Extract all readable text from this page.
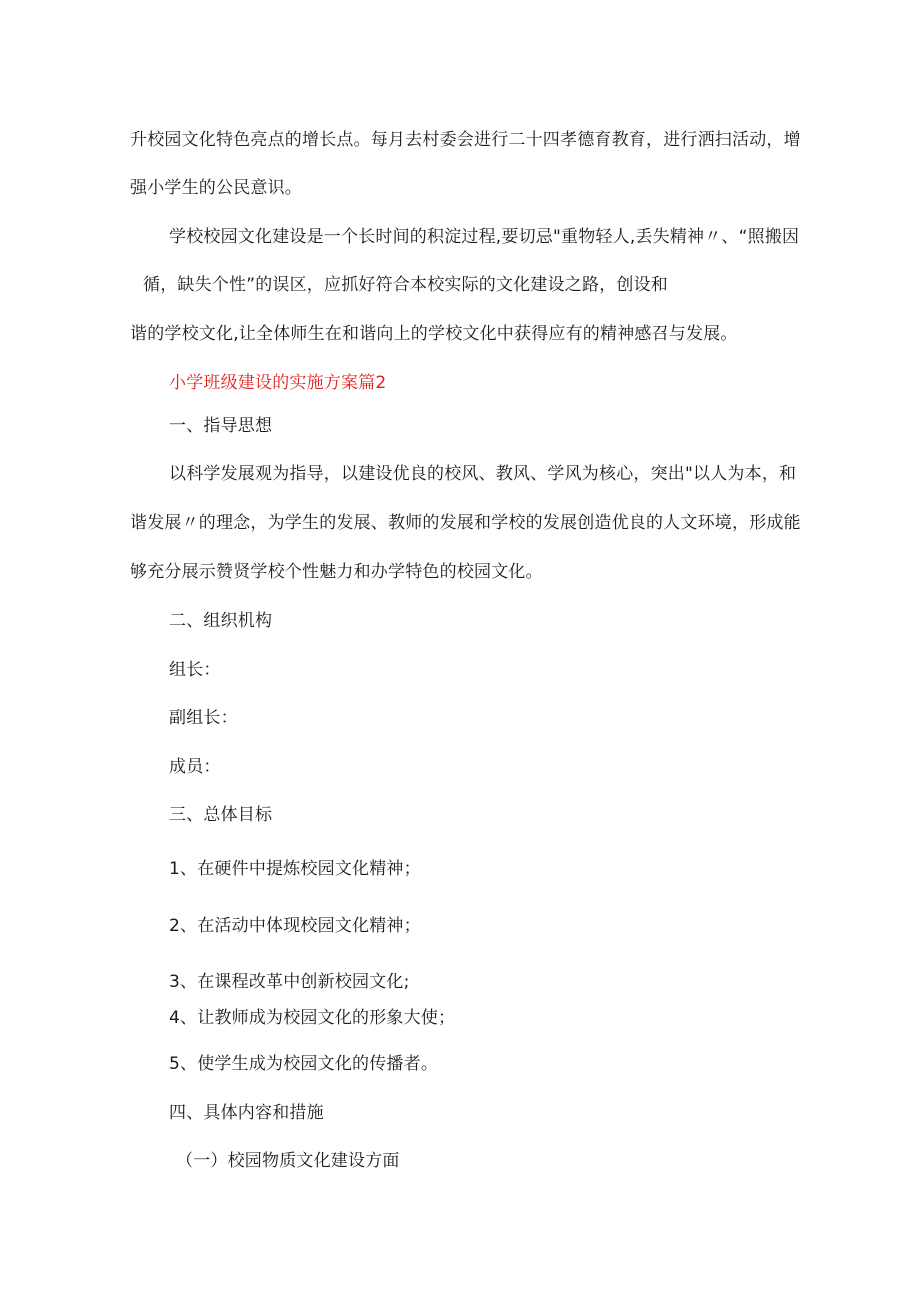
升校园文化特色亮点的增长点。每月去村委会进行二十四孝德育教育，进行洒扫活动，增
强小学生的公民意识。
学校校园文化建设是一个长时间的积淀过程,要切忌"重物轻人,丢失精神〃、“照搬因
循，缺失个性”的误区，应抓好符合本校实际的文化建设之路，创设和
谐的学校文化,让全体师生在和谐向上的学校文化中获得应有的精神感召与发展。
小学班级建设的实施方案篇2
一、指导思想
以科学发展观为指导，以建设优良的校风、教风、学风为核心，突出"以人为本，和
谐发展〃的理念，为学生的发展、教师的发展和学校的发展创造优良的人文环境，形成能
够充分展示赞贤学校个性魅力和办学特色的校园文化。
二、组织机构
组长：
副组长：
成员：
三、总体目标
1、在硬件中提炼校园文化精神；
2、在活动中体现校园文化精神；
3、在课程改革中创新校园文化;
4、让教师成为校园文化的形象大使；
5、使学生成为校园文化的传播者。
四、具体内容和措施
（一）校园物质文化建设方面
